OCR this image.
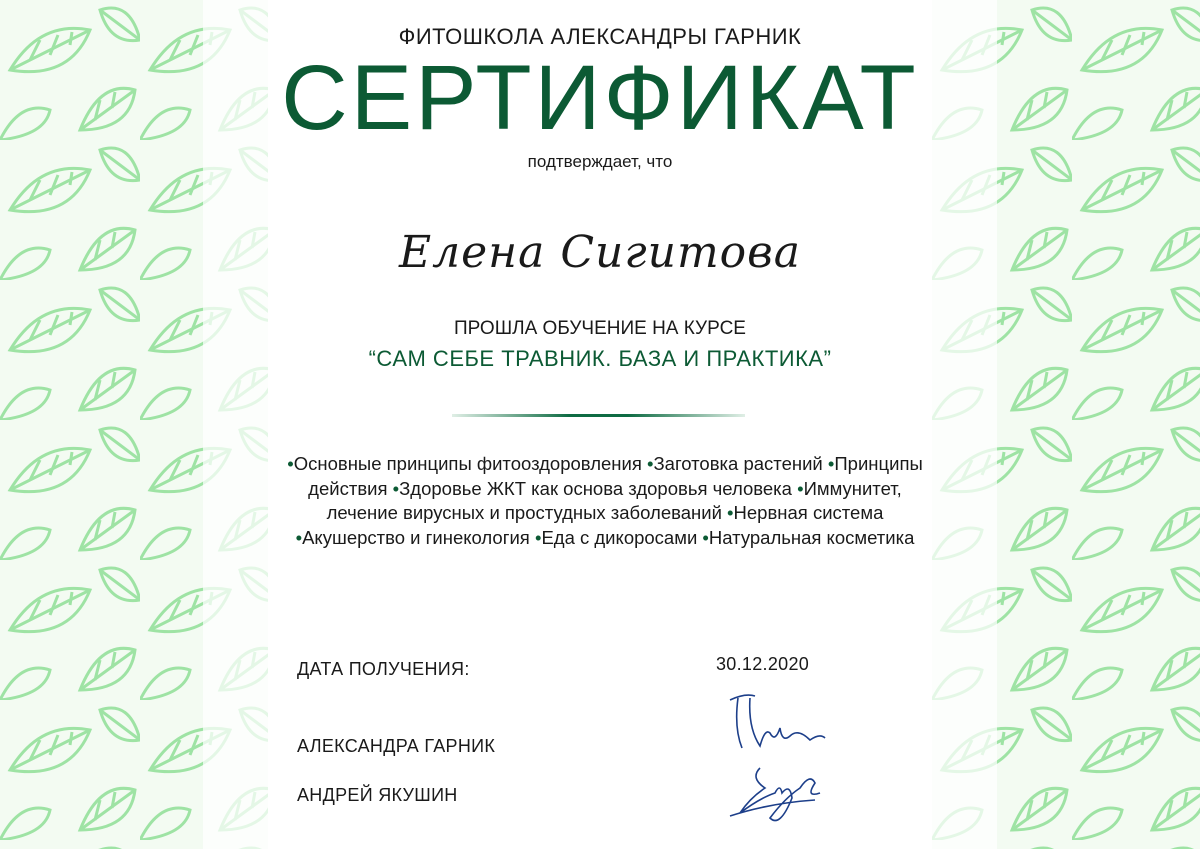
ФИТОШКОЛА АЛЕКСАНДРЫ ГАРНИК
СЕРТИФИКАТ
подтверждает, что
Елена Сигитова
ПРОШЛА ОБУЧЕНИЕ НА КУРСЕ
“САМ СЕБЕ ТРАВНИК. БАЗА И ПРАКТИКА”
•Основные принципы фитооздоровления •Заготовка растений •Принципы действия •Здоровье ЖКТ как основа здоровья человека •Иммунитет, лечение вирусных и простудных заболеваний •Нервная система •Акушерство и гинекология •Еда с дикоросами •Натуральная косметика
ДАТА ПОЛУЧЕНИЯ:	30.12.2020
АЛЕКСАНДРА ГАРНИК
АНДРЕЙ ЯКУШИН
